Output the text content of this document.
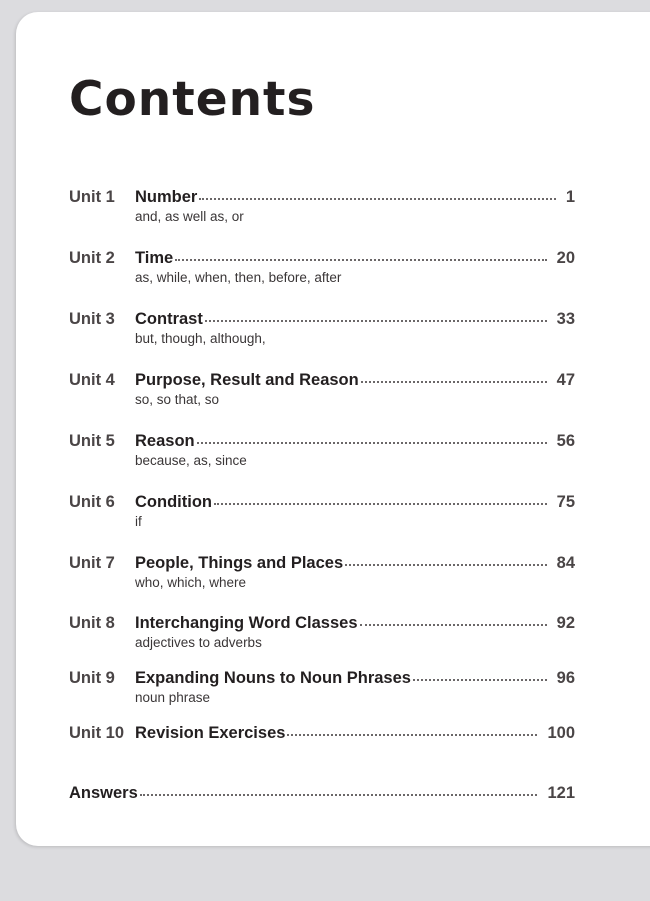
Contents
Unit 1 Number	1
and, as well as, or
Unit 2 Time	20
as, while, when, then, before, after
Unit 3 Contrast	33
but, though, although,
Unit 4 Purpose, Result and Reason	47
so, so that, so
Unit 5 Reason	56
because, as, since
Unit 6 Condition	75
if
Unit 7 People, Things and Places	84
who, which, where
Unit 8 Interchanging Word Classes	92
adjectives to adverbs
Unit 9 Expanding Nouns to Noun Phrases	96
noun phrase
Unit 10 Revision Exercises	100
Answers	121
